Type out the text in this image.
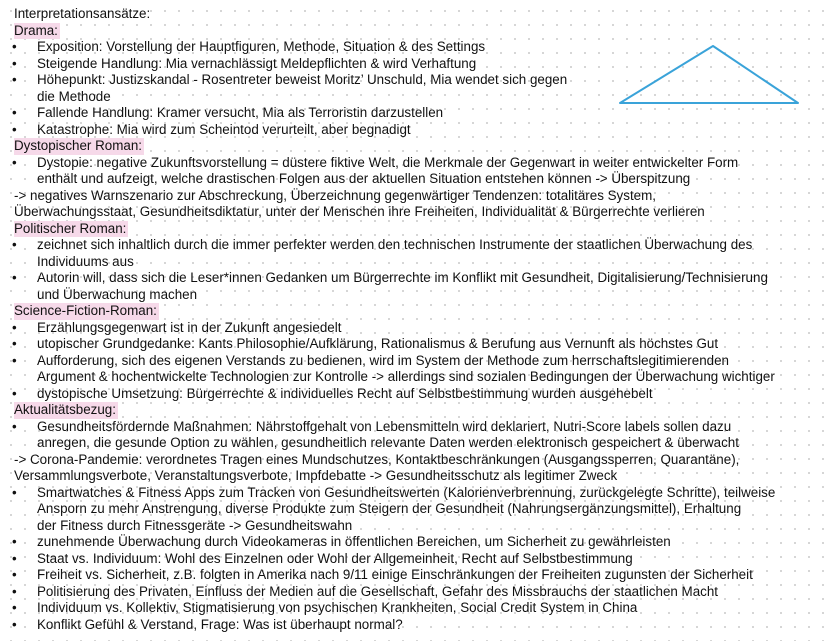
Interpretationsansätze:
Drama:
• Exposition: Vorstellung der Hauptfiguren, Methode, Situation & des Settings
• Steigende Handlung: Mia vernachlässigt Meldepflichten & wird Verhaftung
• Höhepunkt: Justizskandal - Rosentreter beweist Moritz’ Unschuld, Mia wendet sich gegen
die Methode
• Fallende Handlung: Kramer versucht, Mia als Terroristin darzustellen
• Katastrophe: Mia wird zum Scheintod verurteilt, aber begnadigt
Dystopischer Roman:
• Dystopie: negative Zukunftsvorstellung = düstere fiktive Welt, die Merkmale der Gegenwart in weiter entwickelter Form
enthält und aufzeigt, welche drastischen Folgen aus der aktuellen Situation entstehen können -> Überspitzung
-> negatives Warnszenario zur Abschreckung, Überzeichnung gegenwärtiger Tendenzen: totalitäres System,
Überwachungsstaat, Gesundheitsdiktatur, unter der Menschen ihre Freiheiten, Individualität & Bürgerrechte verlieren
Politischer Roman:
• zeichnet sich inhaltlich durch die immer perfekter werden den technischen Instrumente der staatlichen Überwachung des
Individuums aus
• Autorin will, dass sich die Leser*innen Gedanken um Bürgerrechte im Konflikt mit Gesundheit, Digitalisierung/Technisierung
und Überwachung machen
Science-Fiction-Roman:
• Erzählungsgegenwart ist in der Zukunft angesiedelt
• utopischer Grundgedanke: Kants Philosophie/Aufklärung, Rationalismus & Berufung aus Vernunft als höchstes Gut
• Aufforderung, sich des eigenen Verstands zu bedienen, wird im System der Methode zum herrschaftslegitimierenden
Argument & hochentwickelte Technologien zur Kontrolle -> allerdings sind sozialen Bedingungen der Überwachung wichtiger
• dystopische Umsetzung: Bürgerrechte & individuelles Recht auf Selbstbestimmung wurden ausgehebelt
Aktualitätsbezug:
• Gesundheitsfördernde Maßnahmen: Nährstoffgehalt von Lebensmitteln wird deklariert, Nutri-Score labels sollen dazu
anregen, die gesunde Option zu wählen, gesundheitlich relevante Daten werden elektronisch gespeichert & überwacht
-> Corona-Pandemie: verordnetes Tragen eines Mundschutzes, Kontaktbeschränkungen (Ausgangssperren, Quarantäne),
Versammlungsverbote, Veranstaltungsverbote, Impfdebatte -> Gesundheitsschutz als legitimer Zweck
• Smartwatches & Fitness Apps zum Tracken von Gesundheitswerten (Kalorienverbrennung, zurückgelegte Schritte), teilweise
Ansporn zu mehr Anstrengung, diverse Produkte zum Steigern der Gesundheit (Nahrungsergänzungsmittel), Erhaltung
der Fitness durch Fitnessgeräte -> Gesundheitswahn
• zunehmende Überwachung durch Videokameras in öffentlichen Bereichen, um Sicherheit zu gewährleisten
• Staat vs. Individuum: Wohl des Einzelnen oder Wohl der Allgemeinheit, Recht auf Selbstbestimmung
• Freiheit vs. Sicherheit, z.B. folgten in Amerika nach 9/11 einige Einschränkungen der Freiheiten zugunsten der Sicherheit
• Politisierung des Privaten, Einfluss der Medien auf die Gesellschaft, Gefahr des Missbrauchs der staatlichen Macht
• Individuum vs. Kollektiv, Stigmatisierung von psychischen Krankheiten, Social Credit System in China
• Konflikt Gefühl & Verstand, Frage: Was ist überhaupt normal?
